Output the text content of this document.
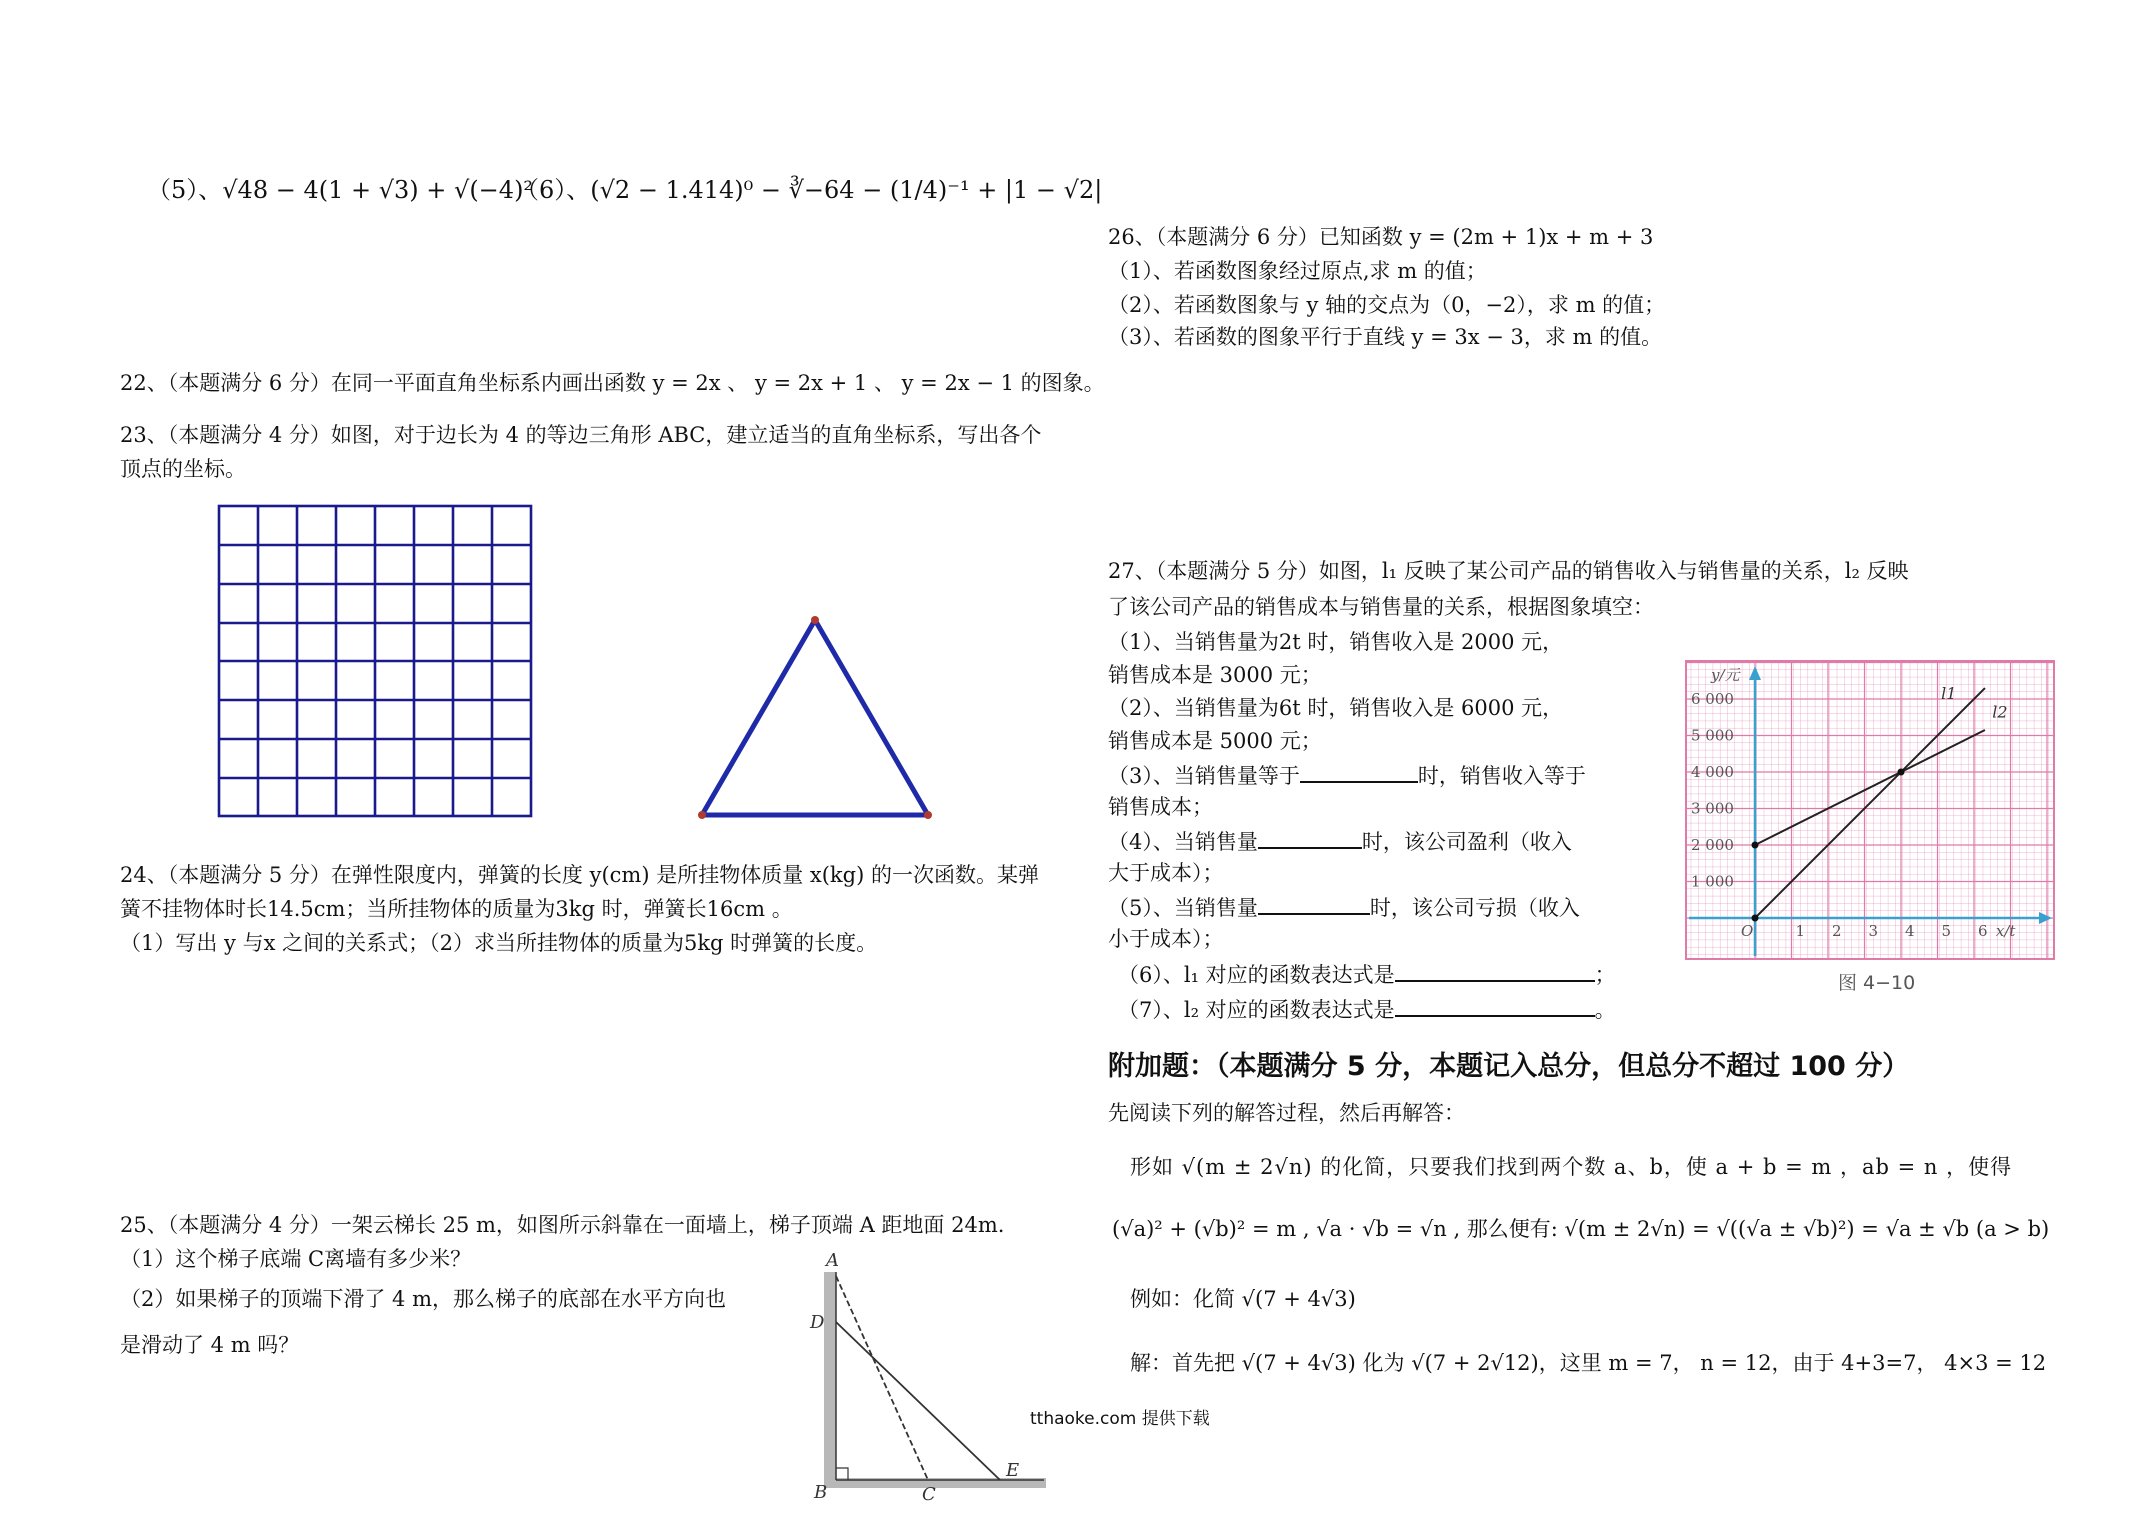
（5）、√48 − 4(1 + √3) + √(−4)²
（6）、(√2 − 1.414)⁰ − ∛−64 − (1/4)⁻¹ + |1 − √2|
22、（本题满分 6 分）在同一平面直角坐标系内画出函数 y = 2x 、 y = 2x + 1 、 y = 2x − 1 的图象。
23、（本题满分 4 分）如图，对于边长为 4 的等边三角形 ABC，建立适当的直角坐标系，写出各个
顶点的坐标。
24、（本题满分 5 分）在弹性限度内，弹簧的长度 y(cm) 是所挂物体质量 x(kg) 的一次函数。某弹
簧不挂物体时长14.5cm；当所挂物体的质量为3kg 时，弹簧长16cm 。
（1）写出 y 与x 之间的关系式；（2）求当所挂物体的质量为5kg 时弹簧的长度。
25、（本题满分 4 分）一架云梯长 25 m，如图所示斜靠在一面墙上，梯子顶端 A 距地面 24m.
（1）这个梯子底端 C离墙有多少米？
（2）如果梯子的顶端下滑了 4 m，那么梯子的底部在水平方向也
是滑动了 4 m 吗？
A
D
B	C
E
26、（本题满分 6 分）已知函数 y = (2m + 1)x + m + 3
（1）、若函数图象经过原点,求 m 的值；
（2）、若函数图象与 y 轴的交点为（0，−2），求 m 的值；
（3）、若函数的图象平行于直线 y = 3x − 3，求 m 的值。
27、（本题满分 5 分）如图，l₁ 反映了某公司产品的销售收入与销售量的关系，l₂ 反映
了该公司产品的销售成本与销售量的关系，根据图象填空：
（1）、当销售量为2t 时，销售收入是 2000 元，
销售成本是 3000 元；
（2）、当销售量为6t 时，销售收入是 6000 元，
销售成本是 5000 元；
（3）、当销售量等于	时，销售收入等于
销售成本；
（4）、当销售量	时，该公司盈利（收入
大于成本）；
（5）、当销售量	时，该公司亏损（收入
小于成本）；
（6）、l₁ 对应的函数表达式是	；
（7）、l₂ 对应的函数表达式是	。
O	1 2 3 4 5 6
1 000
2 000
3 000
4 000
5 000
6 000
y/元
x/t
l1
l2
图 4−10
附加题：（本题满分 5 分，本题记入总分，但总分不超过 100 分）
先阅读下列的解答过程，然后再解答：
形如 √(m ± 2√n) 的化简，只要我们找到两个数 a、b，使 a + b = m ，ab = n ，使得
(√a)² + (√b)² = m , √a · √b = √n , 那么便有: √(m ± 2√n) = √((√a ± √b)²) = √a ± √b (a > b)
例如：化简 √(7 + 4√3)
解：首先把 √(7 + 4√3) 化为 √(7 + 2√12)，这里 m = 7， n = 12，由于 4+3=7， 4×3 = 12
tthaoke.com 提供下载
